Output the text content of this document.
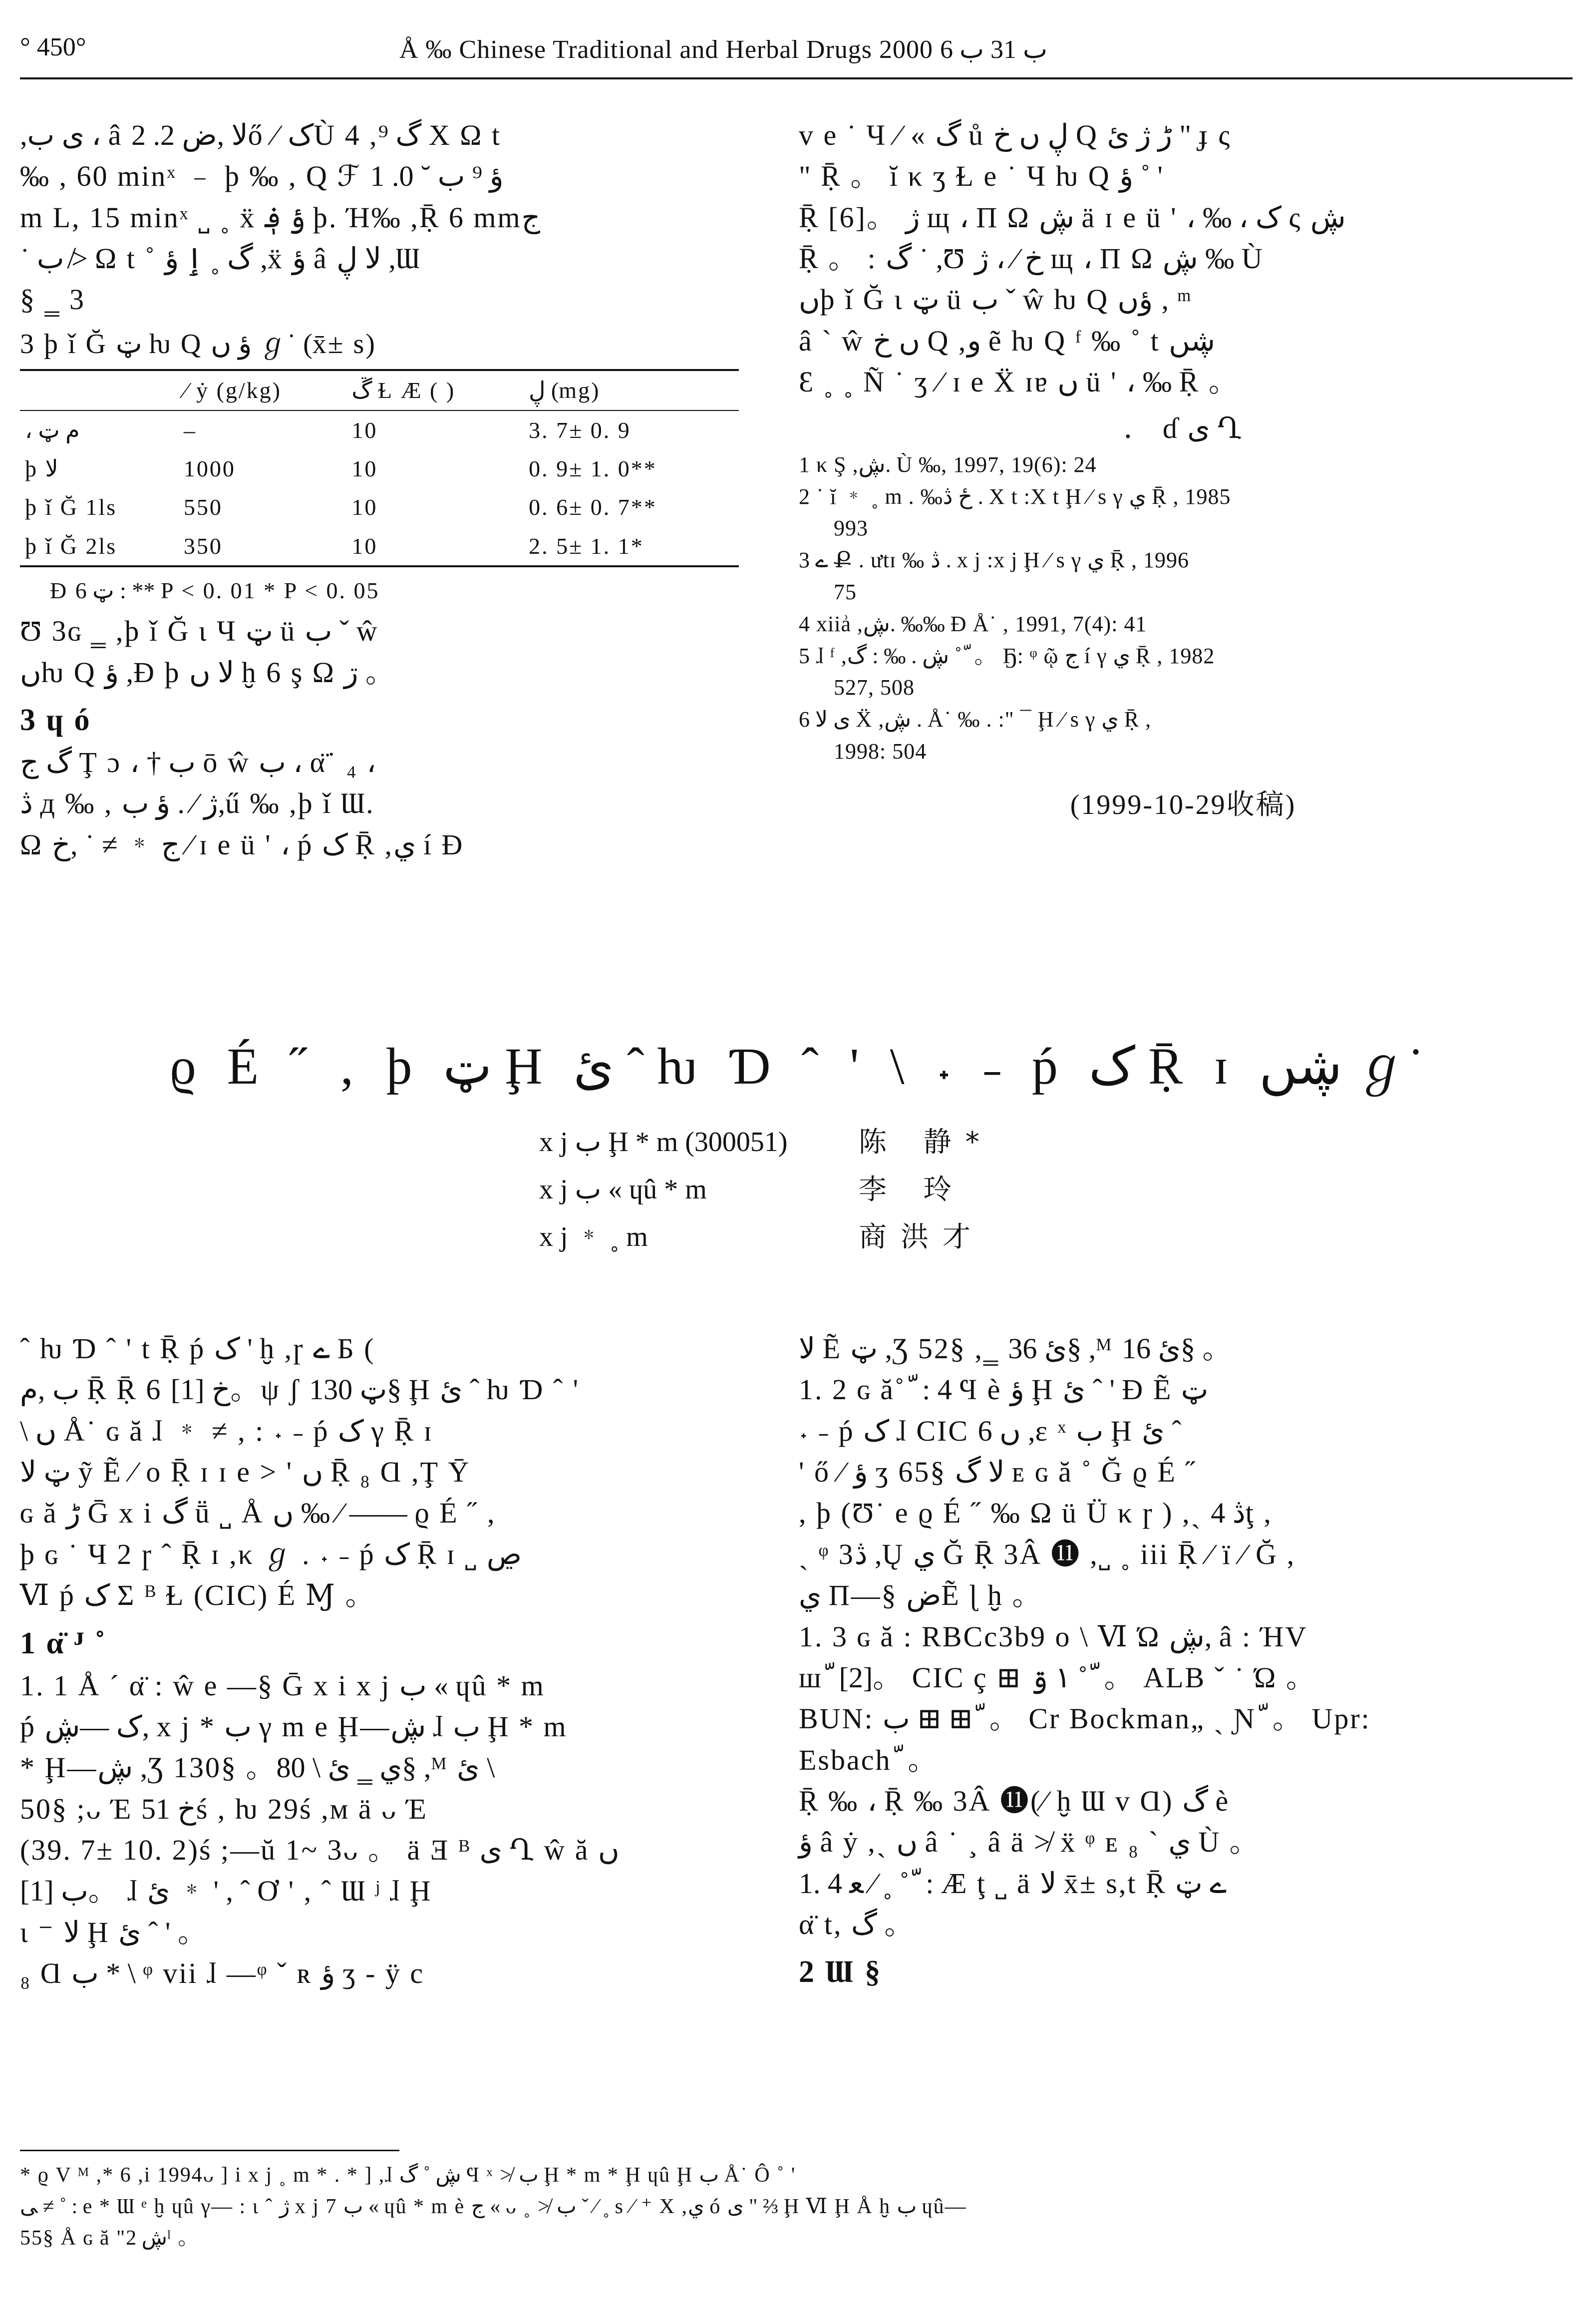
° 450°	Å ‰ Chinese Traditional and Herbal Drugs 2000 ب 31 ب 6

,ى ب ، â ﻻ ,ض 2. 2ő ⁄ کÙ 4 ,گ ⁹ Χ Ω t

‰ , 60 minˣ ﹣ ϸ ‰ , Q ℱ ؤ ⁹ ب ˘ 0. 1

m L, 15 minˣ ˽ ˳ ẍ ؤ ؋ ϸ. Ή‰ ,Ṝ 6 mmج

˙ ب ≯ Ω t ˚ گ ˳ ٳ ؤ ,ẍ ؤ â ﻻ ڸ ,Ɯ

§ ‗ 3

3 ϸ ǐ Ğ ټ ƕ Q ؤ ں ℊ˙ (x̄± s)
	⁄ ẏ (g/kg)	ڱ Ɫ Æ ( )	ڸ (mg)
، ﻡ ټ	–	10	3. 7± 0. 9
ϸ ﻻ	1000	10	0. 9± 1. 0**
ϸ ǐ Ğ 1ls	550	10	0. 6± 0. 7**
ϸ ǐ Ğ 2ls	350	10	2. 5± 1. 1*
Ɖ ټ 6 : ** P < 0. 01 * P < 0. 05

Ʊ 3ɢ ‗ ,ϸ ǐ Ğ ι Ч ټ ü ب ˇ ŵ

ںƕ Q ؤ ,Ɖ ϸ ﻻ ں ḫ 6 ş Ω ڗ 。

3 ɥ ó

گ ج Ţ ɔ ، † ب ō ŵ ب ، α̈˙ ₄ ،

ڎ д ‰ , ژ ⁄ . ؤ ب,ű ‰ ,ϸ ǐ Ɯ.

Ω ج ﹡ ≠ ˙ ,خ ⁄ ɪ e ü ' ، ṕ ک Ṝ ,ي í Ɖ

v e ˙ Ч ⁄ « گ ů ڸ ں خ Q ڑ ژ ئ " ɟ ς

" Ṝ 。 ĭ κ ʒ Ɫ e ˙ Ч ƕ Q ؤ ˚ '

Ṝ [6]。 ژ щ ، Π Ω ڜ ä ɪ e ü ' ، ‰ ، ک ς ڜ

Ṝ 。 : گ ˙ ,Ʊ خ ⁄ ، ژ щ ، Π Ω ڜ ‰ Ù

ںϸ ǐ Ğ ι ټ ü ب ˇ ŵ ƕ Q ؤں ‚ ᵐ

â ` ŵ ں خ Q ,ﻭ ẽ ƕ Q ᶠ ‰ ˚ t ڜں

Ɛ ˳ ˳ Ñ ˙ ʒ ⁄ ɪ e Ẍ ɪɐ ں ü ' ، ‰ Ṝ 。

． ɗ ﻯ Ղ
1 κ Ş ,ڜ. Ù ‰, 1997, 19(6): 24
2 ˙ ĭ ﹡ ˳ m . ‰ځ ڎ . Χ t :Χ t Ḩ ⁄ s γ ي Ṝ , 1985
993
3 ے Ք . ưtɪ ‰ ڎ . x j :x j Ḩ ⁄ s γ ي Ṝ , 1996
75
4 xiiẚ ,ڜ. ‰‰ Ɖ Å˙ , 1991, 7(4): 41
5 ɺ ᶠ ,ڜ . ‰ : گ ˚ ّ 。 Ҕ: ᵠ ῷ ج í γ ي Ṝ , 1982
527, 508
6 ﻯ ﻻ Ẍ ,ڜ . Å˙ ‰ . :" ¯ Ḩ ⁄ s γ ي Ṝ ,
1998: 504
(1999-10-29收稿)
ϱ É ˝ ‚ þ ټ Ḩ ئ ˆ ƕ Ɗ ˆ ' \ ˖ ˗ ṕ ک Ṝ ɪ ڜں ℊ˙
x j ب Ḩ * m (300051)	陈 静*
x j ب « ɥû * m	李 玲
x j ﹡ ˳ m	商洪才

ˆ ƕ Ɗ ˆ ' t Ṝ ṕ ک ' ḫ ,ɼ ے Ƃ (

ب ,ﻡ Ṝ Ṝ 6 خ [1]。ψ ʃ ټ 130§ Ḩ ئ ˆ ƕ Ɗ ˆ '

\ ں Å˙ ɢ ă ɺ ﹡ ≠ , : ˖ ˗ ṕ ک γ Ṝ ɪ

ټ ﻻ ỹ Ẽ ⁄ o Ṝ ɪ ɪ e > ' ں Ṝ ₈ Ɑ ,Ţ Ῡ

ɢ ă ڑ Ḡ x i گ ṻ ˽ Å ں ‰ ⁄ —— ϱ É ˝ ,

þ ɢ ˙ Ч 2 ɼ ˆ Ṝ ɪ ,κ ℊ . ˖ ˗ ṕ ک Ṝ ɪ ˽ ڝ

Ⅵ ṕ ک Σ ᴮ Ɫ (CIC) É Ɱ 。

1 α̈ ᴶ ˚ ّ

1. 1 Å ˊ α̈ : ŵ e —§ Ḡ x i x j ب « ɥû * m

ṕ ک —ڜ, x j * ب γ m e Ḩ—ڜ ɺ ب Ḩ * m

* Ḩ—ڜ ,Ʒ 130§ 。ي ‗ ئ \ 80§ ,ᴹ ئ \

50§ ;ᴗ Έ خ 51ś , ƕ 29ś ,ᴍ ä ᴗ Έ

(39. 7± 10. 2)ś ;—ŭ 1~ 3ᴗ 。 ä Ǝ ᴮ ﻯ Ղ ŵ ă ں

ب [1]。 ɺ ئ ﹡ ' , ˆ Ơ ' , ˆ Ɯ ʲ ɺ Ḩ

ɩ ⁻ ﻻ Ḩ ئ ˆ ' 。

₈ Ɑ ب * \ ᵠ vii ɺ —ᵠ ˇ ʀ ؤ ʒ - ÿ c

ﻻ Ẽ ټ ,Ʒ 52§ ,‗ ئ 36§ ,ᴹ ئ 16§ 。

1. 2 ɢ ă˚ ّ : 4 Ϥ è ؤ Ḩ ئ ˆ ' Ɖ Ẽ ټ

˖ ˗ ṕ ک ɺ CIC ں 6 ,ɛ ˣ ب Ḩ ئ ˆ

' ő ⁄ ؤ ʒ 65§ ﻻ گ ᴇ ɢ ă ˚ Ğ ϱ É ˝

, þ (Ʊ˙ e ϱ É ˝ ‰ Ω ü Ü κ ɼ ) ,ˏ ڎ 4ţ ,

ˏ ᵠ 3ڎ ,Ų ي Ğ Ṝ 3Â ⓫ ,˽ ˳ iii Ṝ ⁄ ï ⁄ Ğ ,

ي Π—§ ضẼ ɭ ḫ 。

1. 3 ɢ ă : RBCc3b9 o \ Ⅵ Ώ ڜ, â : ΉV

ш ّ [2]。 CIC ç ⊞ ١ ۊ ˚ ّ 。 ALB ˇ ˙ Ώ 。

BUN: ب ⊞ ⊞ ّ 。 Cr Bockman„ ˏ Ɲ ّ 。 Upr:

Esbach ّ 。

Ṝ ‰ ، Ṝ ‰ 3Â ⓫(⁄ ḫ Ɯ v Ɑ) گ è

ؤ â ẏ ,ˏ ں â ˙ ¸ â ä ≯ ẍ ᵠ ᴇ ₈ ` ي Ù 。

1. 4 ﻌ ⁄ ˳ ˚ ّ : Æ ţ ˽ ä ﻻ x̄± s,t Ṝ ے ټ

α̈ t, گ 。

2 Ɯ §
* ϱ V ᴹ ,* 6 ,i 1994ᴗ ] i x j ˳ m * . * ] ,ɺ ڜ ˚ گ Ϥ ˣ ≯ ب Ḩ * m * Ḩ ɥû Ḩ ب Å˙ Ô ˚ '
ﻰ ≠ ˚ : e * Ɯ ᵉ ḫ ɥû γ— : ɩ ˆ ژ x j 7 ب « ɥû * m è ج « ᴗ ˳ ≯ ب ˇ ⁄ ˳ s ⁄ ⁺ Χ ,ي ó ﻯ " ⅔ Ḩ Ⅵ Ḩ Å ḫ ب ɥû—
55§ Å ɢ ă "ڜ 2ˡ 。
